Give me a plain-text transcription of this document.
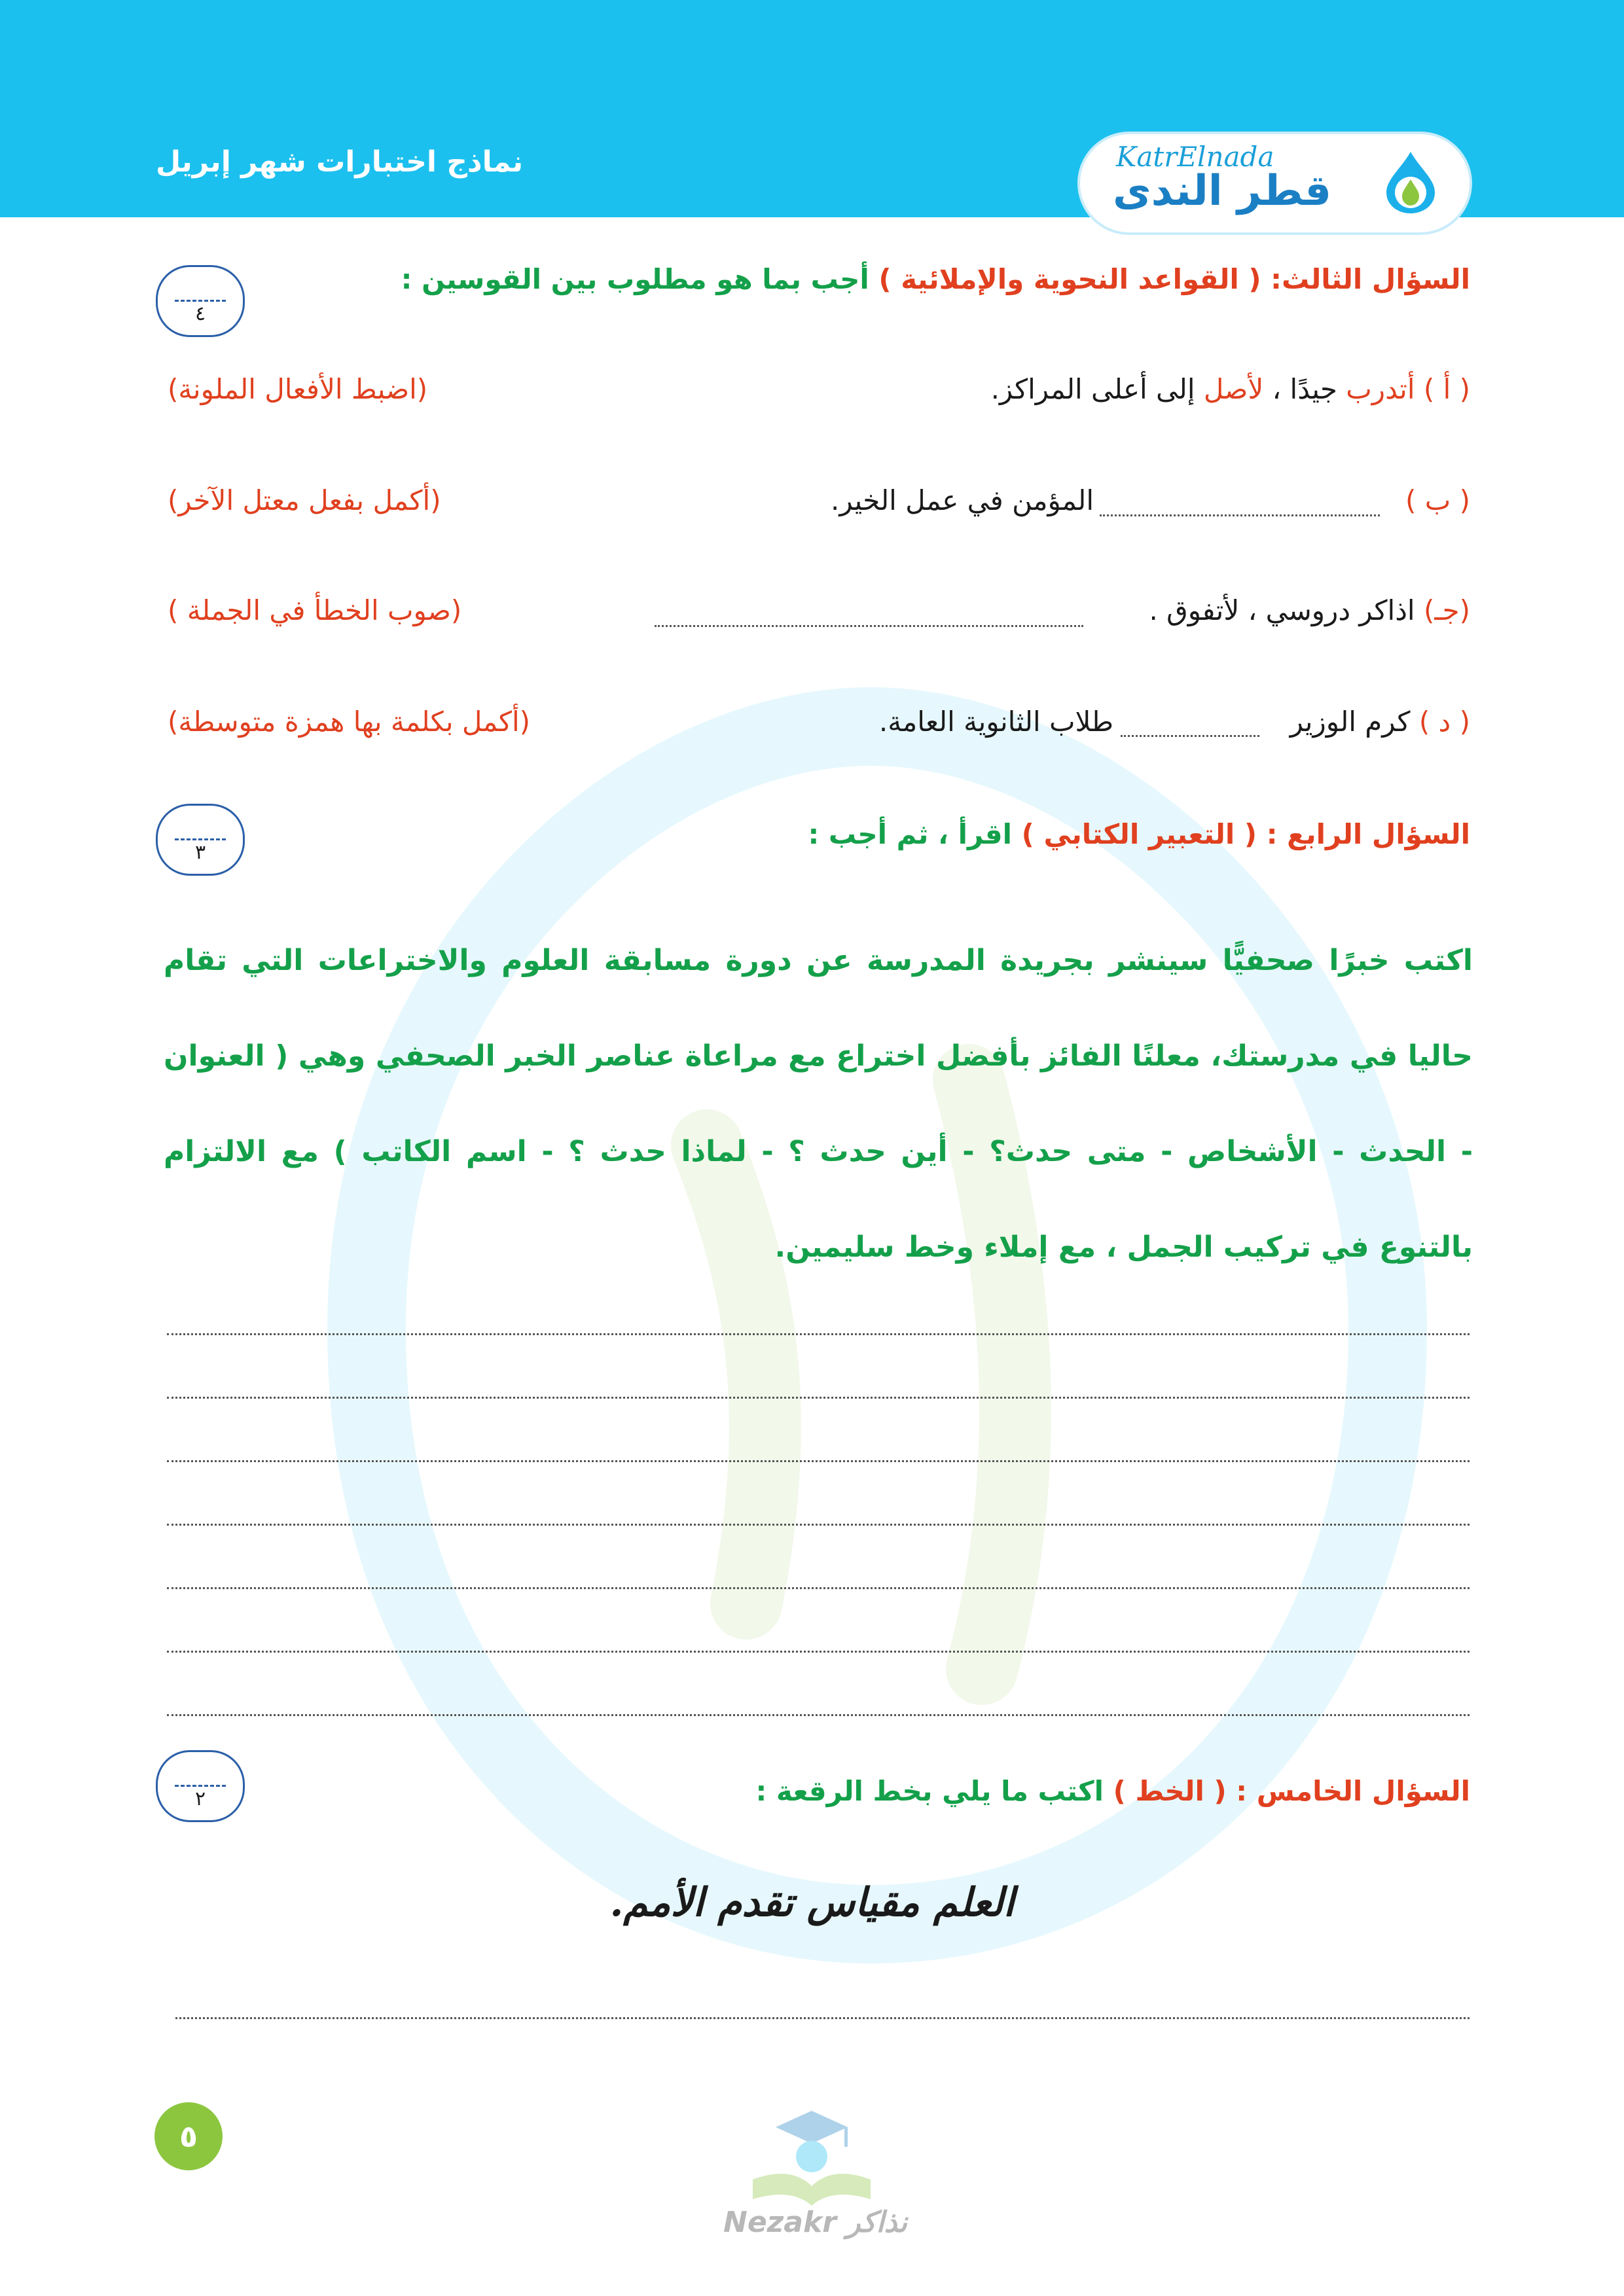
نماذج اختبارات شهر إبريل	KatrElnada
قطر الندى
٤
السؤال الثالث: ( القواعد النحوية والإملائية ) أجب بما هو مطلوب بين القوسين :
( أ ) أتدرب جيدًا ، لأصل إلى أعلى المراكز.
(اضبط الأفعال الملونة)
( ب )
المؤمن في عمل الخير.
(أكمل بفعل معتل الآخر)
(جـ) اذاكر دروسي ، لأتفوق .
(صوب الخطأ في الجملة )
( د ) كرم الوزير
طلاب الثانوية العامة.
(أكمل بكلمة بها همزة متوسطة)
٣
السؤال الرابع : ( التعبير الكتابي ) اقرأ ، ثم أجب :
اكتب خبرًا صحفيًّا سينشر بجريدة المدرسة عن دورة مسابقة العلوم والاختراعات التي تقام حاليا في مدرستك، معلنًا الفائز بأفضل اختراع مع مراعاة عناصر الخبر الصحفي وهي ( العنوان - الحدث - الأشخاص - متى حدث؟ - أين حدث ؟ - لماذا حدث ؟ - اسم الكاتب ) مع الالتزام بالتنوع في تركيب الجمل ، مع إملاء وخط سليمين.
٢	السؤال الخامس : ( الخط ) اكتب ما يلي بخط الرقعة :
العلم مقياس تقدم الأمم.
٥
Nezakr نذاكر
